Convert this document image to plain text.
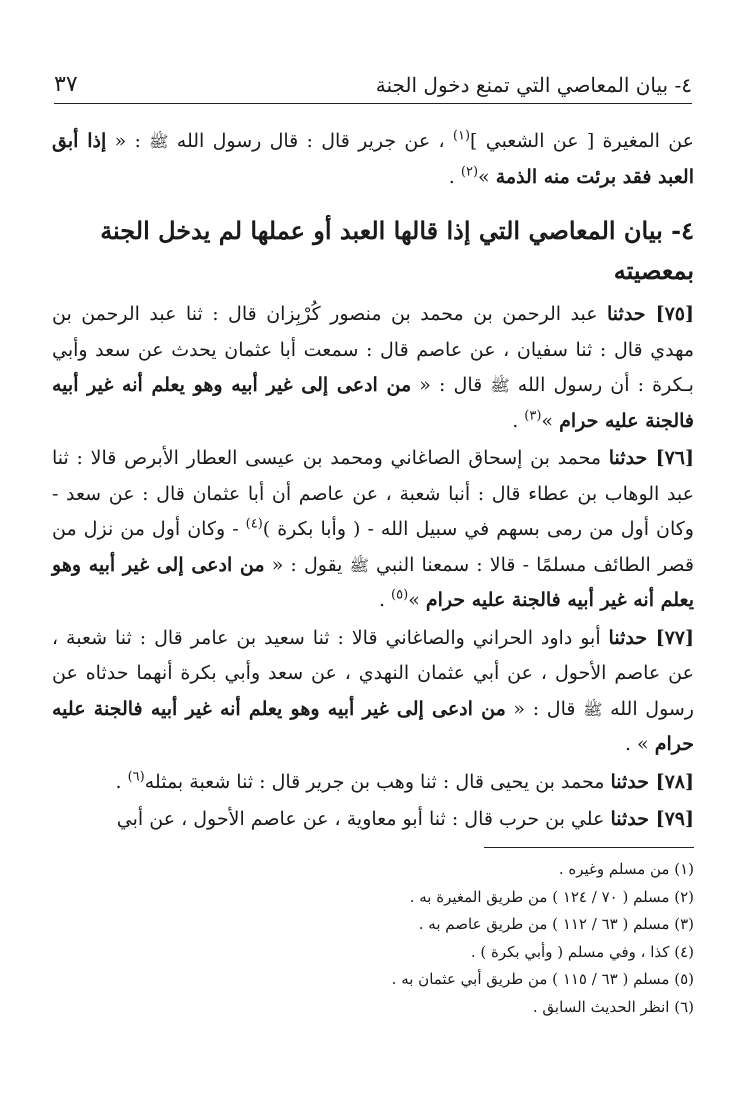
٤- بيان المعاصي التي تمنع دخول الجنة
٣٧

عن المغيرة [ عن الشعبي ]$^{(١)}$ ، عن جرير قال : قال رسول الله ﷺ : « إذا أبق العبد فقد برئت منه الذمة »$^{(٢)}$ .

٤- بيان المعاصي التي إذا قالها العبد أو عملها لم يدخل الجنة بمعصيته

[٧٥] حدثنا عبد الرحمن بن محمد بن منصور كُرْبِزان قال : ثنا عبد الرحمن بن مهدي قال : ثنا سفيان ، عن عاصم قال : سمعت أبا عثمان يحدث عن سعد وأبي بـكرة : أن رسول الله ﷺ قال : « من ادعى إلى غير أبيه وهو يعلم أنه غير أبيه فالجنة عليه حرام »$^{(٣)}$ .

[٧٦] حدثنا محمد بن إسحاق الصاغاني ومحمد بن عيسى العطار الأبرص قالا : ثنا عبد الوهاب بن عطاء قال : أنبا شعبة ، عن عاصم أن أبا عثمان قال : عن سعد - وكان أول من رمى بسهم في سبيل الله - ( وأبا بكرة )$^{(٤)}$ - وكان أول من نزل من قصر الطائف مسلمًا - قالا : سمعنا النبي ﷺ يقول : « من ادعى إلى غير أبيه وهو يعلم أنه غير أبيه فالجنة عليه حرام »$^{(٥)}$ .

[٧٧] حدثنا أبو داود الحراني والصاغاني قالا : ثنا سعيد بن عامر قال : ثنا شعبة ، عن عاصم الأحول ، عن أبي عثمان النهدي ، عن سعد وأبي بكرة أنهما حدثاه عن رسول الله ﷺ قال : « من ادعى إلى غير أبيه وهو يعلم أنه غير أبيه فالجنة عليه حرام » .

[٧٨] حدثنا محمد بن يحيى قال : ثنا وهب بن جرير قال : ثنا شعبة بمثله$^{(٦)}$ .

[٧٩] حدثنا علي بن حرب قال : ثنا أبو معاوية ، عن عاصم الأحول ، عن أبي

(١) من مسلم وغيره .
(٢) مسلم ( ٧٠ / ١٢٤ ) من طريق المغيرة به .
(٣) مسلم ( ٦٣ / ١١٢ ) من طريق عاصم به .
(٤) كذا ، وفي مسلم ( وأبي بكرة ) .
(٥) مسلم ( ٦٣ / ١١٥ ) من طريق أبي عثمان به .
(٦) انظر الحديث السابق .
